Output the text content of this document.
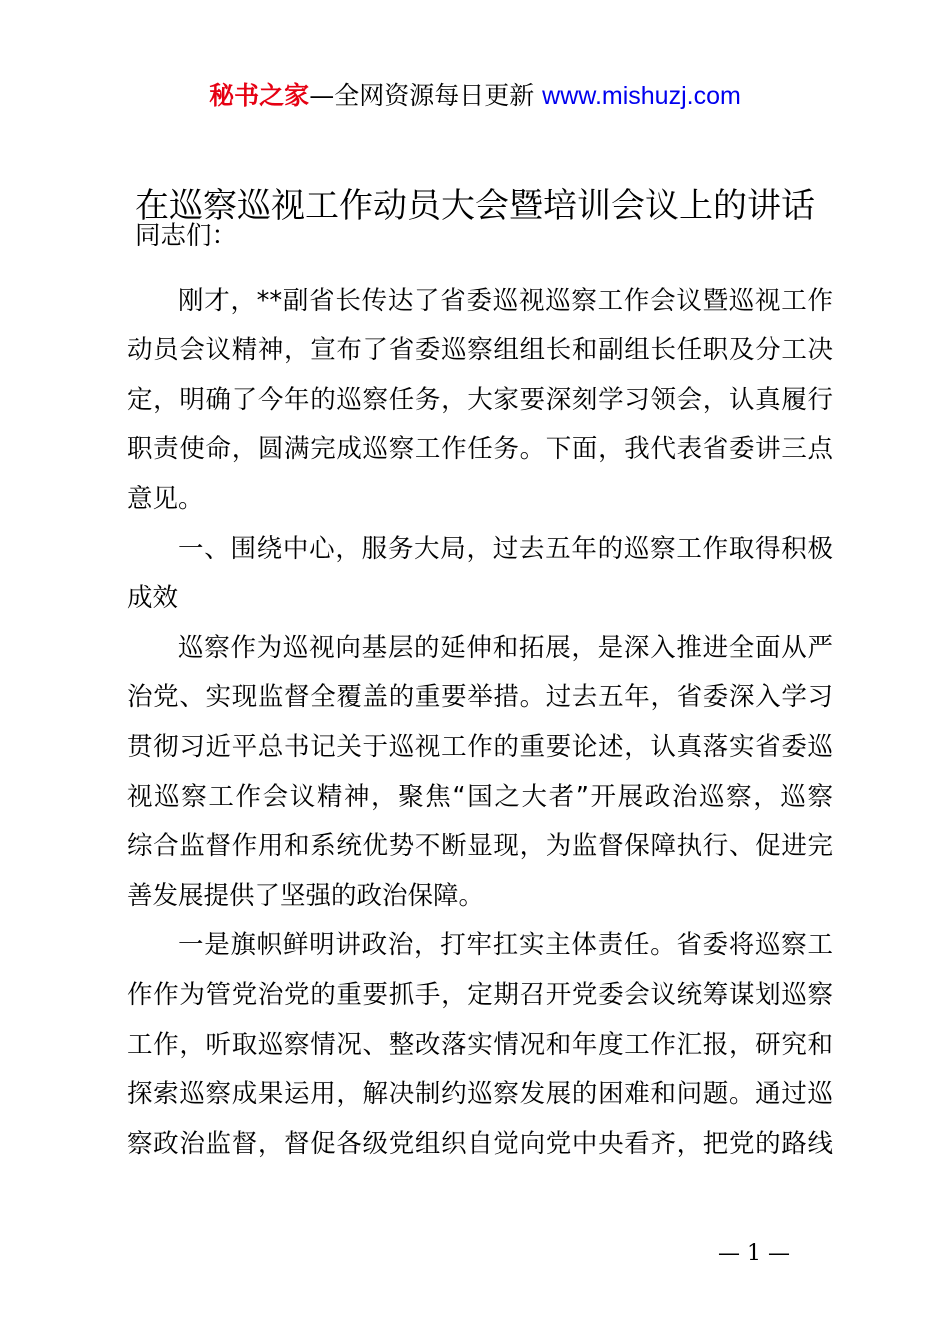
秘书之家—全网资源每日更新 www.mishuzj.com
在巡察巡视工作动员大会暨培训会议上的讲话

同志们：

刚才，**副省长传达了省委巡视巡察工作会议暨巡视工作
动员会议精神，宣布了省委巡察组组长和副组长任职及分工决
定，明确了今年的巡察任务，大家要深刻学习领会，认真履行
职责使命，圆满完成巡察工作任务。下面，我代表省委讲三点
意见。
一、围绕中心，服务大局，过去五年的巡察工作取得积极
成效
巡察作为巡视向基层的延伸和拓展，是深入推进全面从严
治党、实现监督全覆盖的重要举措。过去五年，省委深入学习
贯彻习近平总书记关于巡视工作的重要论述，认真落实省委巡
视巡察工作会议精神，聚焦“国之大者”开展政治巡察，巡察
综合监督作用和系统优势不断显现，为监督保障执行、促进完
善发展提供了坚强的政治保障。
一是旗帜鲜明讲政治，打牢扛实主体责任。省委将巡察工
作作为管党治党的重要抓手，定期召开党委会议统筹谋划巡察
工作，听取巡察情况、整改落实情况和年度工作汇报，研究和
探索巡察成果运用，解决制约巡察发展的困难和问题。通过巡
察政治监督，督促各级党组织自觉向党中央看齐，把党的路线
— 1 —
